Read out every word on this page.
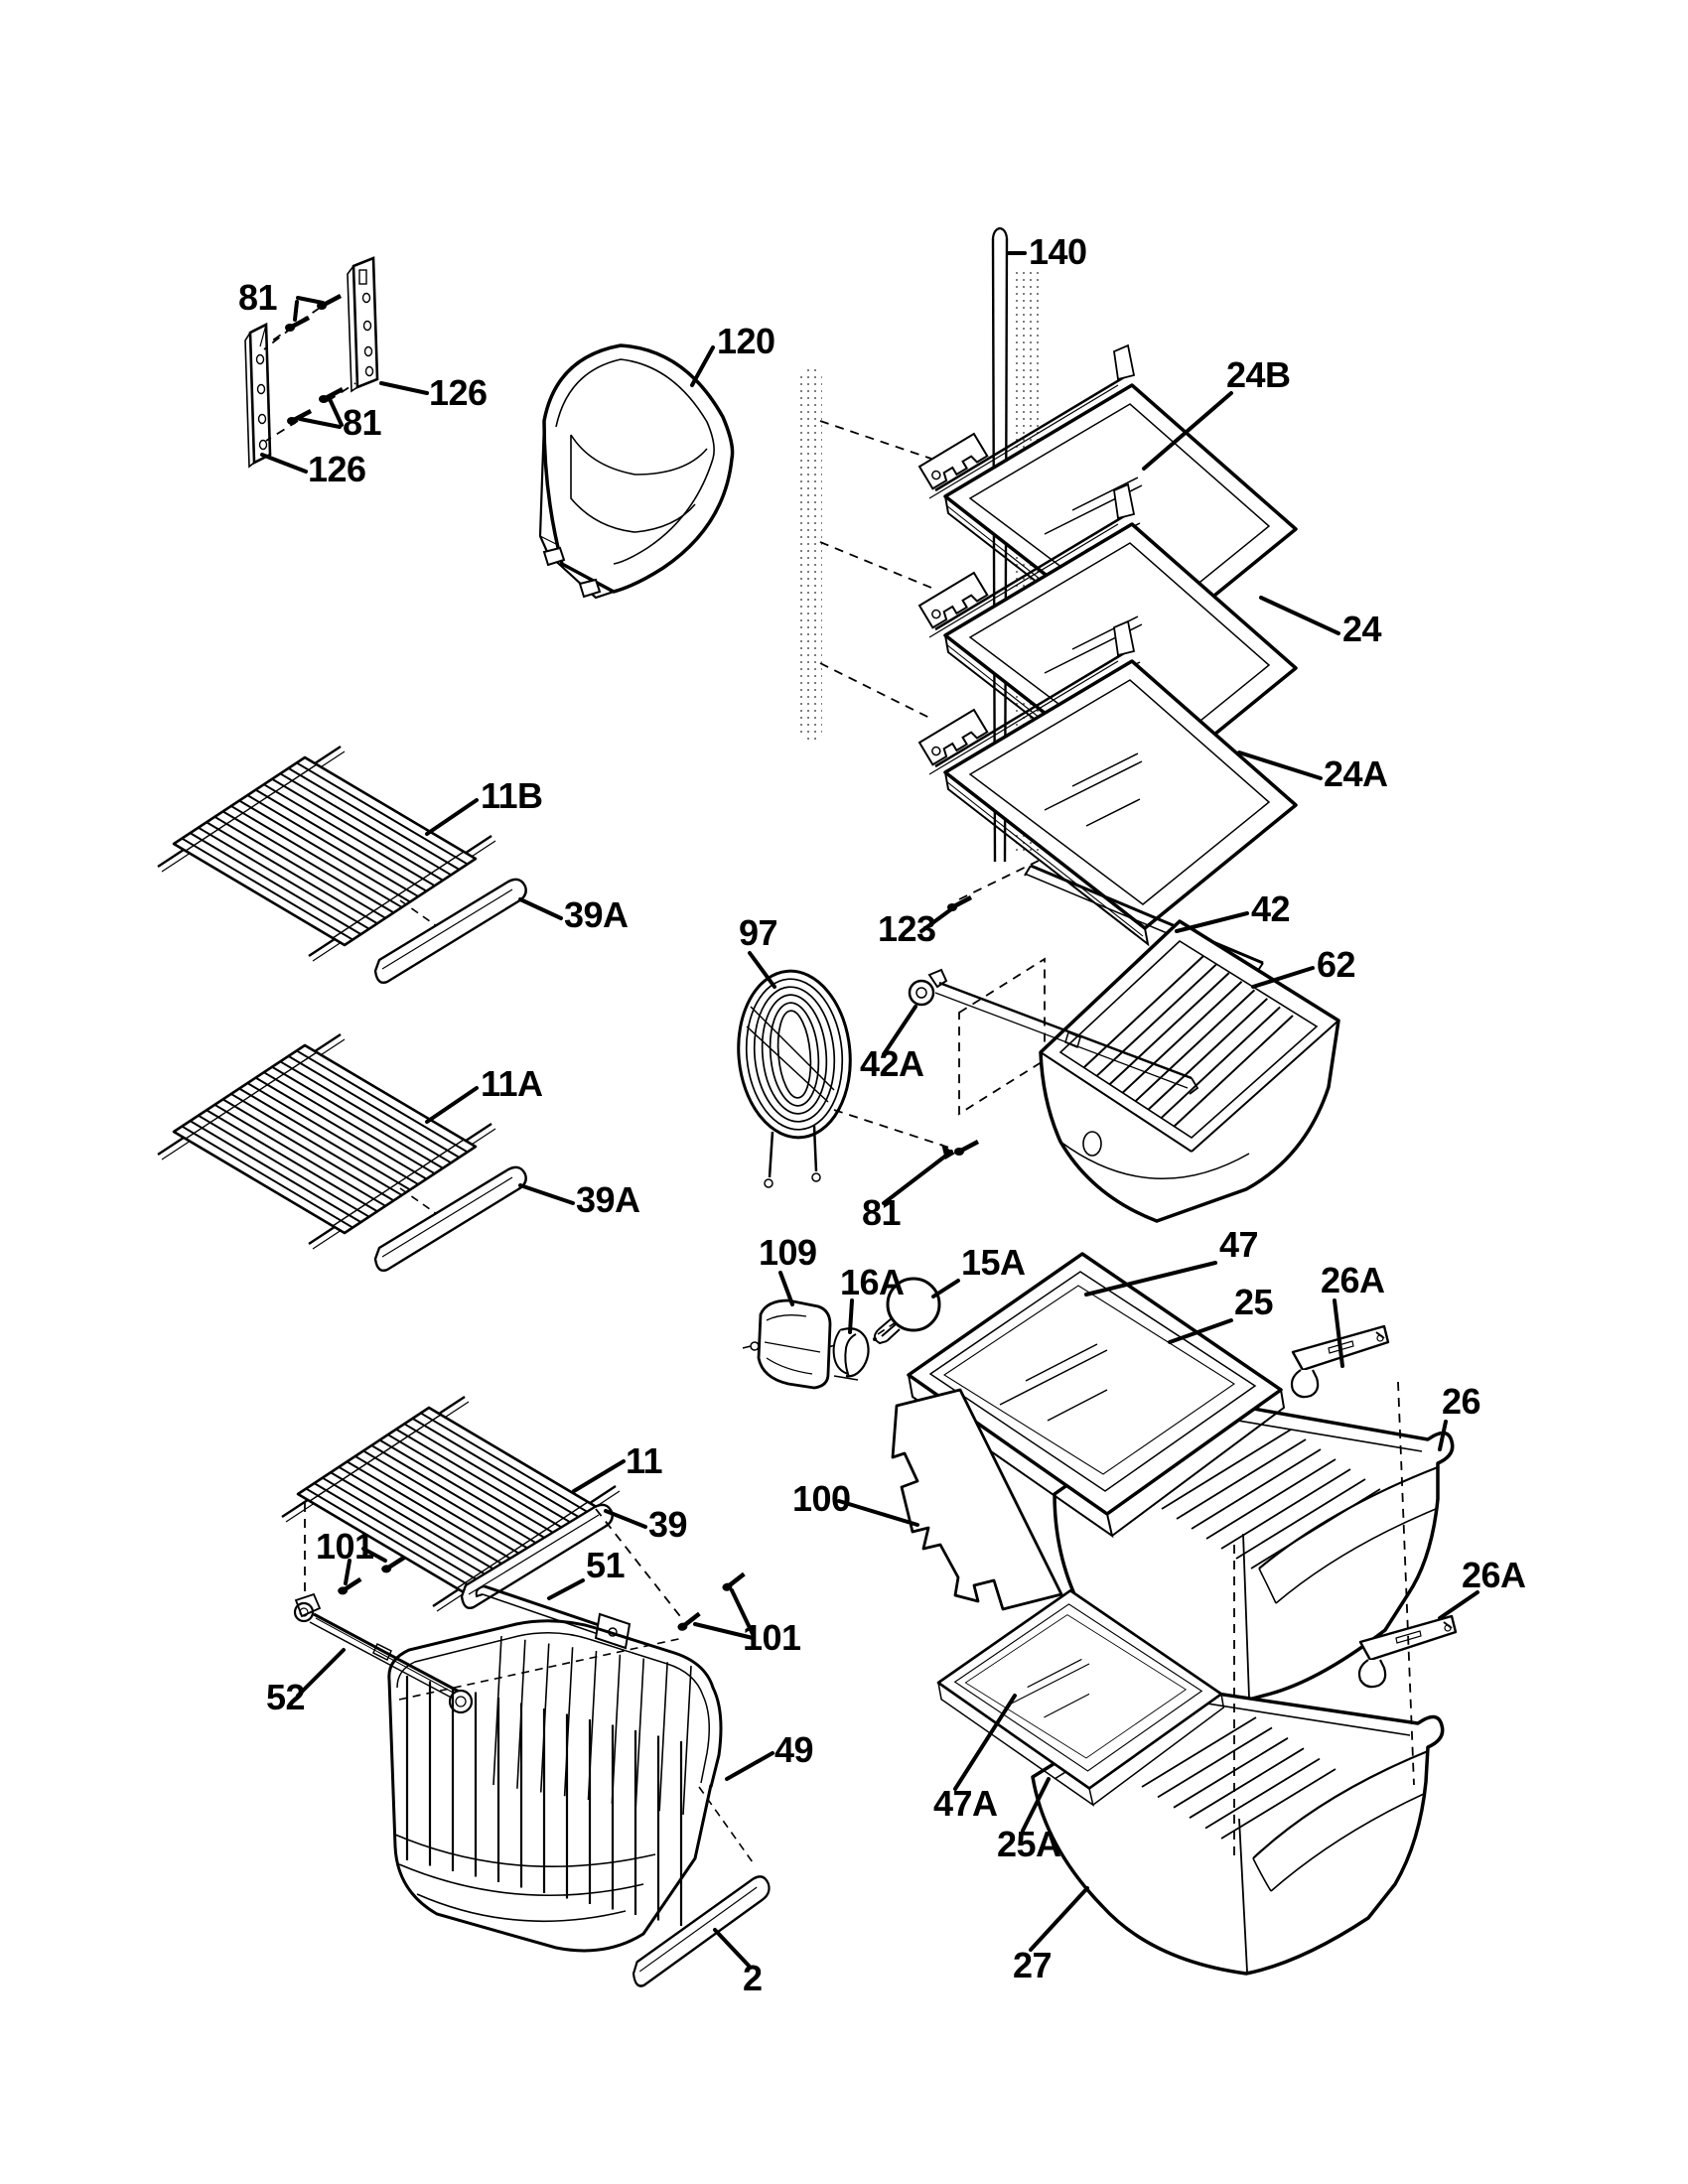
81
126
81
126
120
140
24B
24
24A
11B
39A
11A
39A
97	123	42
62
42A
81
109
16A 15A	47
25
26A
26
100
11
39
101	51
101
52
49
2
47A
25A
26A
27
